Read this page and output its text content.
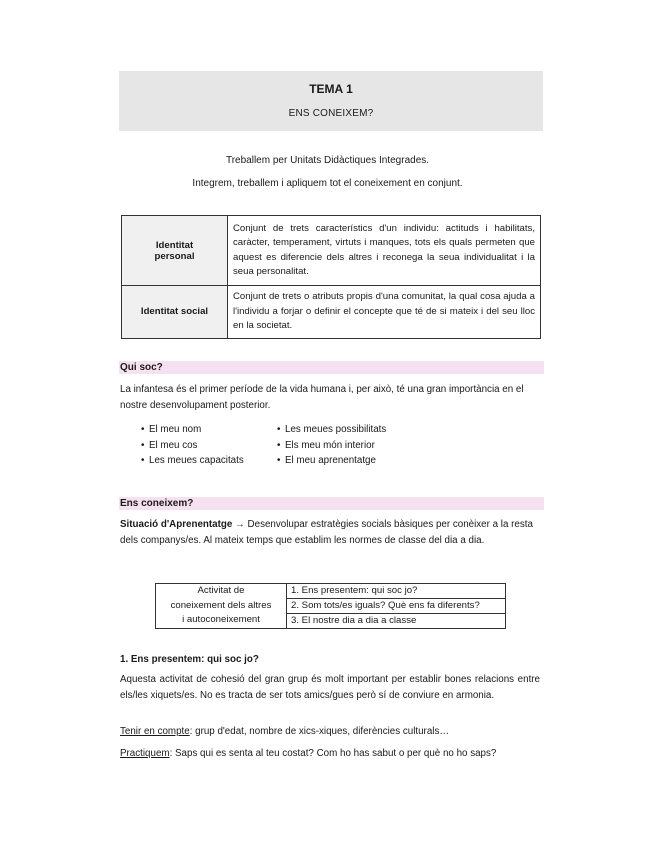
TEMA 1
ENS CONEIXEM?
Treballem per Unitats Didàctiques Integrades.
Integrem, treballem i apliquem tot el coneixement en conjunt.
Identitat
personal	Conjunt de trets característics d'un individu: actituds i habilitats, caràcter, temperament, virtuts i manques, tots els quals permeten que aquest es diferencie dels altres i reconega la seua individualitat i la seua personalitat.
Identitat social	Conjunt de trets o atributs propis d'una comunitat, la qual cosa ajuda a l'individu a forjar o definir el concepte que té de si mateix i del seu lloc en la societat.
Qui soc?
La infantesa és el primer període de la vida humana i, per això, té una gran importància en el nostre desenvolupament posterior.
• El meu nom
• El meu cos
• Les meues capacitats
• Les meues possibilitats
• Els meu món interior
• El meu aprenentatge
Ens coneixem?
Situació d'Aprenentatge → Desenvolupar estratègies socials bàsiques per conèixer a la resta dels companys/es. Al mateix temps que establim les normes de classe del dia a dia.
Activitat de
coneixement dels altres
i autoconeixement	1. Ens presentem: qui soc jo?
2. Som tots/es iguals? Què ens fa diferents?
3. El nostre dia a dia a classe
1. Ens presentem: qui soc jo?
Aquesta activitat de cohesió del gran grup és molt important per establir bones relacions entre els/les xiquets/es. No es tracta de ser tots amics/gues però sí de conviure en armonia.
Tenir en compte: grup d'edat, nombre de xics-xiques, diferències culturals…
Practiquem: Saps qui es senta al teu costat? Com ho has sabut o per què no ho saps?
